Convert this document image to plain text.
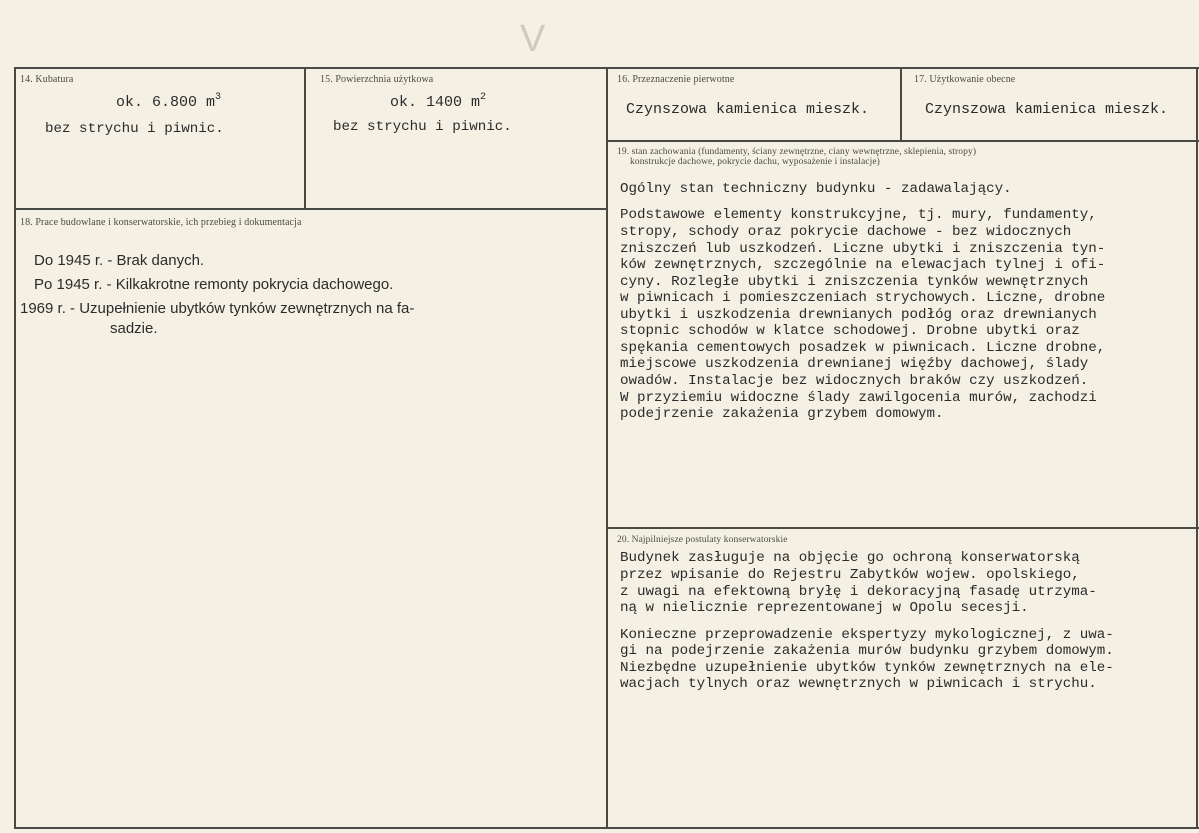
V
14. Kubatura
ok. 6.800 $m^3$
bez strychu i piwnic.
15. Powierzchnia użytkowa
ok. 1400 $m^2$
bez strychu i piwnic.
16. Przeznaczenie pierwotne
Czynszowa kamienica mieszk.
17. Użytkowanie obecne
Czynszowa kamienica mieszk.
18. Prace budowlane i konserwatorskie, ich przebieg i dokumentacja
Do 1945 r. - Brak danych.
Po 1945 r. - Kilkakrotne remonty pokrycia dachowego.
1969 r. - Uzupełnienie ubytków tynków zewnętrznych na fa-
sadzie.
19. stan zachowania (fundamenty, ściany zewnętrzne, ciany wewnętrzne, sklepienia, stropy)
konstrukcje dachowe, pokrycie dachu, wyposażenie i instalacje)
Ogólny stan techniczny budynku - zadawalający.
Podstawowe elementy konstrukcyjne, tj. mury, fundamenty,
stropy, schody oraz pokrycie dachowe - bez widocznych
zniszczeń lub uszkodzeń. Liczne ubytki i zniszczenia tyn-
ków zewnętrznych, szczególnie na elewacjach tylnej i ofi-
cyny. Rozległe ubytki i zniszczenia tynków wewnętrznych
w piwnicach i pomieszczeniach strychowych. Liczne, drobne
ubytki i uszkodzenia drewnianych podłóg oraz drewnianych
stopnic schodów w klatce schodowej. Drobne ubytki oraz
spękania cementowych posadzek w piwnicach. Liczne drobne,
miejscowe uszkodzenia drewnianej więźby dachowej, ślady
owadów. Instalacje bez widocznych braków czy uszkodzeń.
W przyziemiu widoczne ślady zawilgocenia murów, zachodzi
podejrzenie zakażenia grzybem domowym.
20. Najpilniejsze postulaty konserwatorskie
Budynek zasługuje na objęcie go ochroną konserwatorską
przez wpisanie do Rejestru Zabytków wojew. opolskiego,
z uwagi na efektowną bryłę i dekoracyjną fasadę utrzyma-
ną w nielicznie reprezentowanej w Opolu secesji.
Konieczne przeprowadzenie ekspertyzy mykologicznej, z uwa-
gi na podejrzenie zakażenia murów budynku grzybem domowym.
Niezbędne uzupełnienie ubytków tynków zewnętrznych na ele-
wacjach tylnych oraz wewnętrznych w piwnicach i strychu.
